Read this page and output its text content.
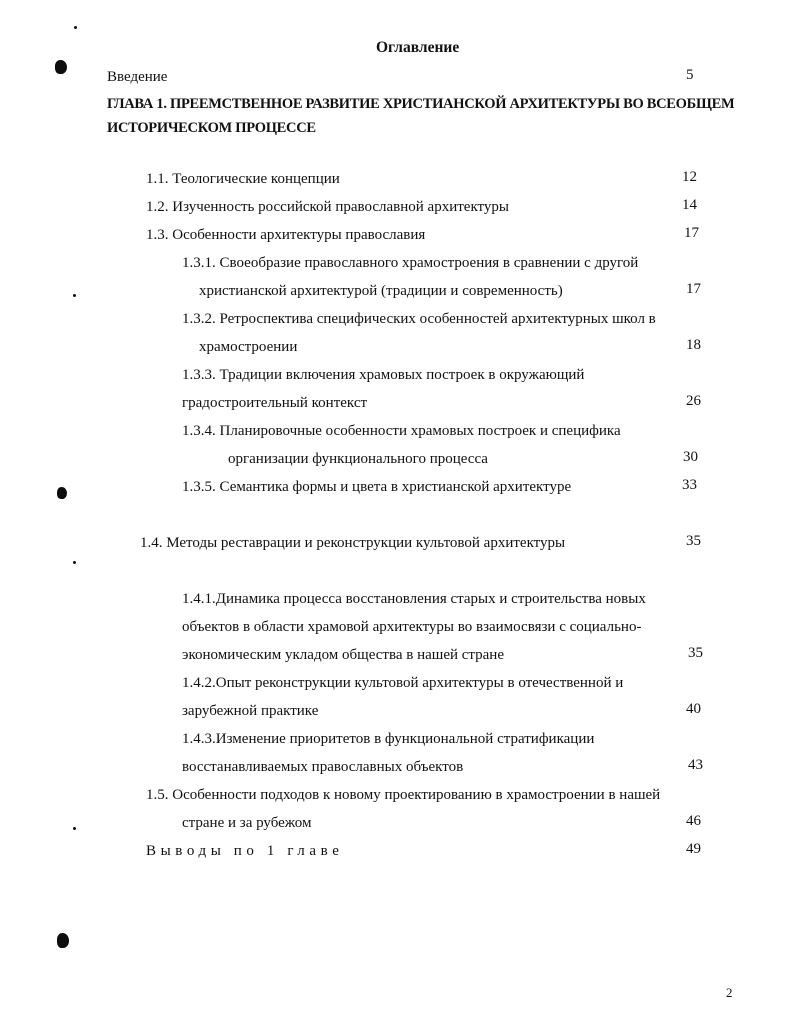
Оглавление
Введение	5
ГЛАВА 1. ПРЕЕМСТВЕННОЕ РАЗВИТИЕ ХРИСТИАНСКОЙ АРХИТЕКТУРЫ ВО ВСЕОБЩЕМ
ИСТОРИЧЕСКОМ ПРОЦЕССЕ
1.1. Теологические концепции	12
1.2. Изученность российской православной архитектуры	14
1.3. Особенности архитектуры православия	17
1.3.1. Своеобразие православного храмостроения в сравнении с другой
христианской архитектурой (традиции и современность)	17
1.3.2. Ретроспектива специфических особенностей архитектурных школ в
храмостроении	18
1.3.3. Традиции включения храмовых построек в окружающий
градостроительный контекст	26
1.3.4. Планировочные особенности храмовых построек и специфика
организации функционального процесса	30
1.3.5. Семантика формы и цвета в христианской архитектуре	33
1.4. Методы реставрации и реконструкции культовой архитектуры	35
1.4.1.Динамика процесса восстановления старых и строительства новых
объектов в области храмовой архитектуры во взаимосвязи с социально-
экономическим укладом общества в нашей стране	35
1.4.2.Опыт реконструкции культовой архитектуры в отечественной и
зарубежной практике	40
1.4.3.Изменение приоритетов в функциональной стратификации
восстанавливаемых православных объектов	43
1.5. Особенности подходов к новому проектированию в храмостроении в нашей
стране и за рубежом	46
Выводы по 1 главе	49
2
